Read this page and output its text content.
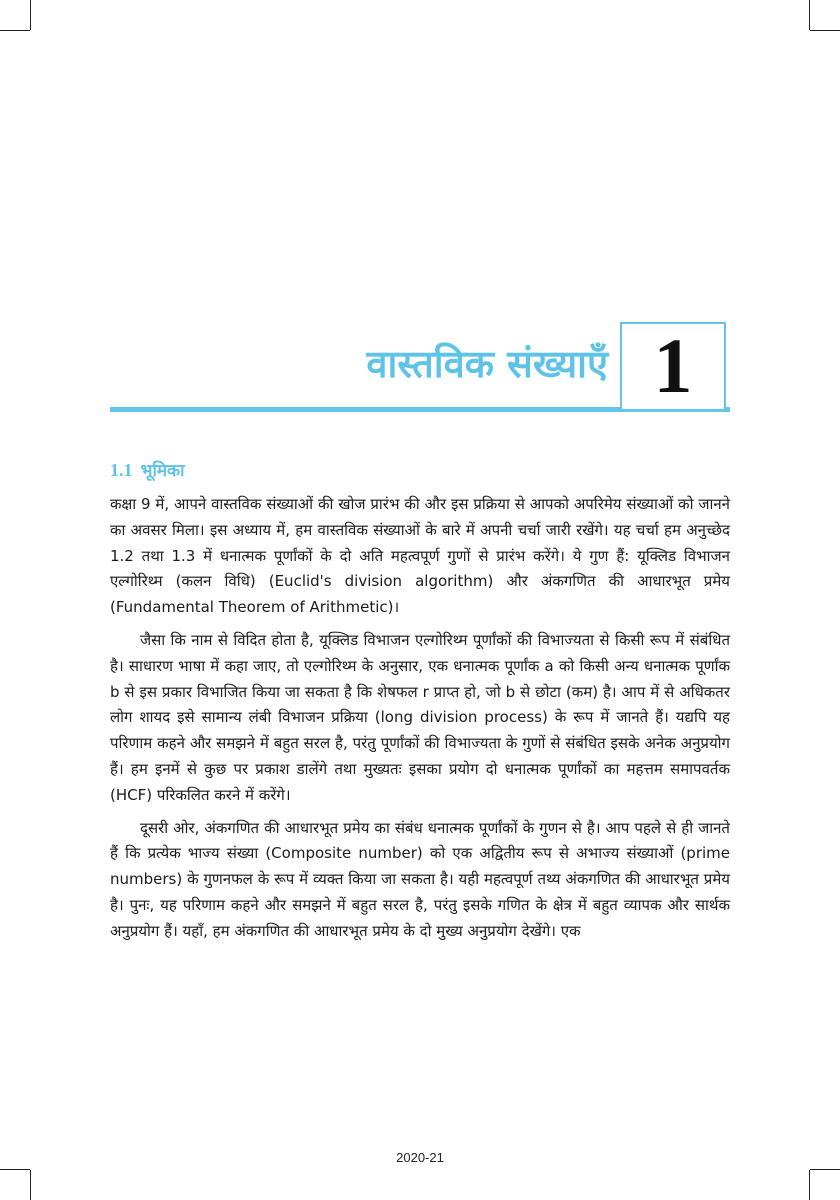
वास्तविक संख्याएँ 1
1.1 भूमिका

कक्षा 9 में, आपने वास्तविक संख्याओं की खोज प्रारंभ की और इस प्रक्रिया से आपको अपरिमेय संख्याओं को जानने का अवसर मिला। इस अध्याय में, हम वास्तविक संख्याओं के बारे में अपनी चर्चा जारी रखेंगे। यह चर्चा हम अनुच्छेद 1.2 तथा 1.3 में धनात्मक पूर्णांकों के दो अति महत्वपूर्ण गुणों से प्रारंभ करेंगे। ये गुण हैं: यूक्लिड विभाजन एल्गोरिथ्म (कलन विधि) (Euclid's division algorithm) और अंकगणित की आधारभूत प्रमेय (Fundamental Theorem of Arithmetic)।

जैसा कि नाम से विदित होता है, यूक्लिड विभाजन एल्गोरिथ्म पूर्णांकों की विभाज्यता से किसी रूप में संबंधित है। साधारण भाषा में कहा जाए, तो एल्गोरिथ्म के अनुसार, एक धनात्मक पूर्णांक a को किसी अन्य धनात्मक पूर्णांक b से इस प्रकार विभाजित किया जा सकता है कि शेषफल r प्राप्त हो, जो b से छोटा (कम) है। आप में से अधिकतर लोग शायद इसे सामान्य लंबी विभाजन प्रक्रिया (long division process) के रूप में जानते हैं। यद्यपि यह परिणाम कहने और समझने में बहुत सरल है, परंतु पूर्णांकों की विभाज्यता के गुणों से संबंधित इसके अनेक अनुप्रयोग हैं। हम इनमें से कुछ पर प्रकाश डालेंगे तथा मुख्यतः इसका प्रयोग दो धनात्मक पूर्णांकों का महत्तम समापवर्तक (HCF) परिकलित करने में करेंगे।

दूसरी ओर, अंकगणित की आधारभूत प्रमेय का संबंध धनात्मक पूर्णांकों के गुणन से है। आप पहले से ही जानते हैं कि प्रत्येक भाज्य संख्या (Composite number) को एक अद्वितीय रूप से अभाज्य संख्याओं (prime numbers) के गुणनफल के रूप में व्यक्त किया जा सकता है। यही महत्वपूर्ण तथ्य अंकगणित की आधारभूत प्रमेय है। पुनः, यह परिणाम कहने और समझने में बहुत सरल है, परंतु इसके गणित के क्षेत्र में बहुत व्यापक और सार्थक अनुप्रयोग हैं। यहाँ, हम अंकगणित की आधारभूत प्रमेय के दो मुख्य अनुप्रयोग देखेंगे। एक

2020-21
